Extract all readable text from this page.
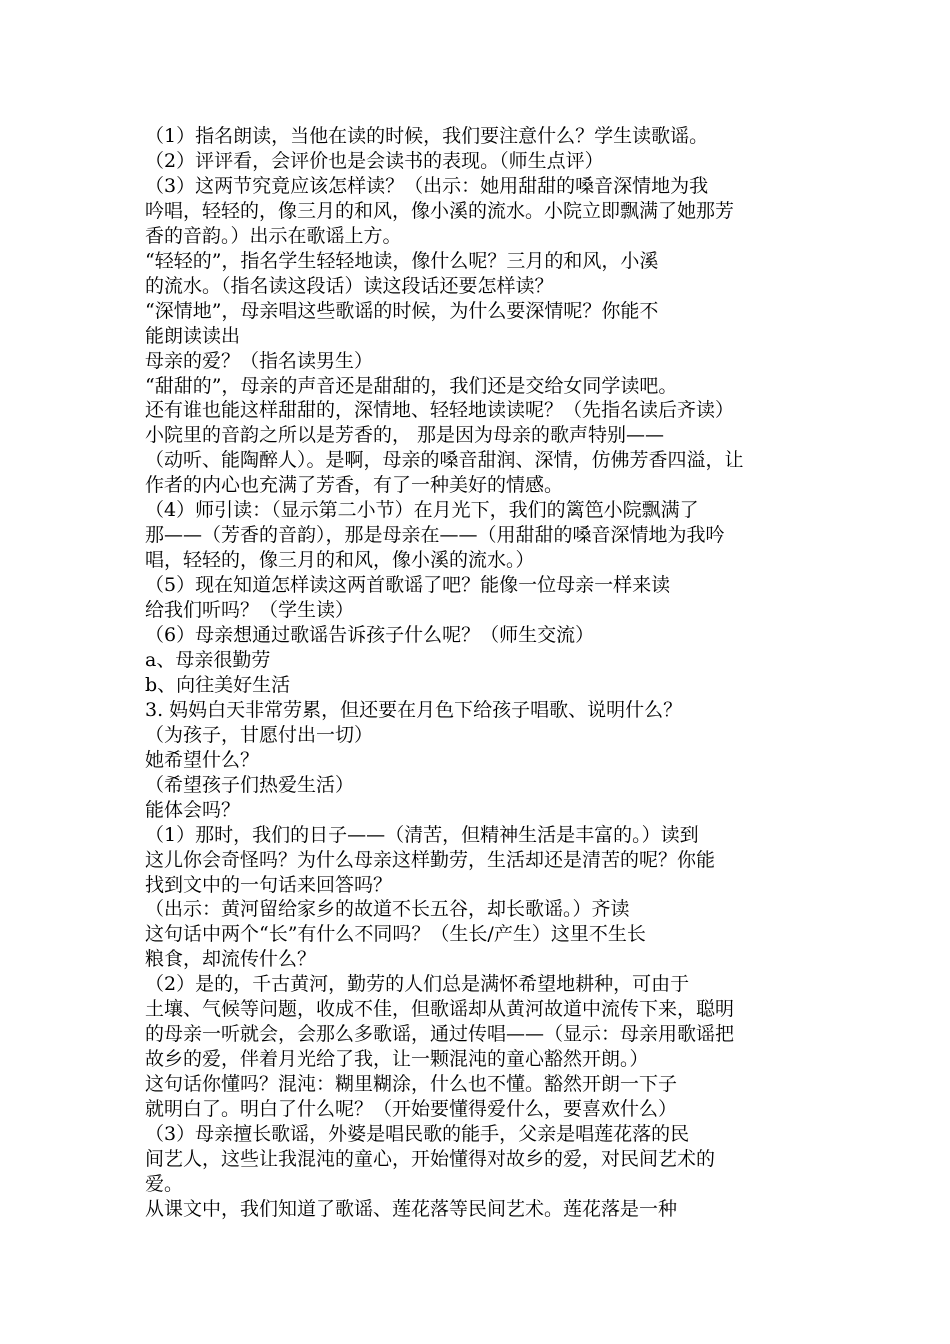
（1）指名朗读，当他在读的时候，我们要注意什么？学生读歌谣。
（2）评评看，会评价也是会读书的表现。（师生点评）
（3）这两节究竟应该怎样读？（出示：她用甜甜的嗓音深情地为我
吟唱，轻轻的，像三月的和风，像小溪的流水。小院立即飘满了她那芳
香的音韵。）出示在歌谣上方。
“轻轻的”，指名学生轻轻地读，像什么呢？三月的和风，小溪
的流水。（指名读这段话）读这段话还要怎样读？
“深情地”，母亲唱这些歌谣的时候，为什么要深情呢？你能不
能朗读读出
母亲的爱？（指名读男生）
“甜甜的”，母亲的声音还是甜甜的，我们还是交给女同学读吧。
还有谁也能这样甜甜的，深情地、轻轻地读读呢？（先指名读后齐读）
小院里的音韵之所以是芳香的， 那是因为母亲的歌声特别——
（动听、能陶醉人）。是啊，母亲的嗓音甜润、深情，仿佛芳香四溢，让
作者的内心也充满了芳香，有了一种美好的情感。
（4）师引读：（显示第二小节）在月光下，我们的篱笆小院飘满了
那——（芳香的音韵），那是母亲在——（用甜甜的嗓音深情地为我吟
唱，轻轻的，像三月的和风，像小溪的流水。）
（5）现在知道怎样读这两首歌谣了吧？能像一位母亲一样来读
给我们听吗？（学生读）
（6）母亲想通过歌谣告诉孩子什么呢？（师生交流）
a、母亲很勤劳
b、向往美好生活
3. 妈妈白天非常劳累，但还要在月色下给孩子唱歌、说明什么？
（为孩子，甘愿付出一切）
她希望什么？
（希望孩子们热爱生活）
能体会吗？
（1）那时，我们的日子——（清苦，但精神生活是丰富的。）读到
这儿你会奇怪吗？为什么母亲这样勤劳，生活却还是清苦的呢？你能
找到文中的一句话来回答吗？
（出示：黄河留给家乡的故道不长五谷，却长歌谣。）齐读
这句话中两个“长”有什么不同吗？（生长/产生）这里不生长
粮食，却流传什么？
（2）是的，千古黄河，勤劳的人们总是满怀希望地耕种，可由于
土壤、气候等问题，收成不佳，但歌谣却从黄河故道中流传下来，聪明
的母亲一听就会，会那么多歌谣，通过传唱——（显示：母亲用歌谣把
故乡的爱，伴着月光给了我，让一颗混沌的童心豁然开朗。）
这句话你懂吗？混沌：糊里糊涂，什么也不懂。豁然开朗一下子
就明白了。明白了什么呢？（开始要懂得爱什么，要喜欢什么）
（3）母亲擅长歌谣，外婆是唱民歌的能手，父亲是唱莲花落的民
间艺人，这些让我混沌的童心，开始懂得对故乡的爱，对民间艺术的
爱。
从课文中，我们知道了歌谣、莲花落等民间艺术。莲花落是一种
